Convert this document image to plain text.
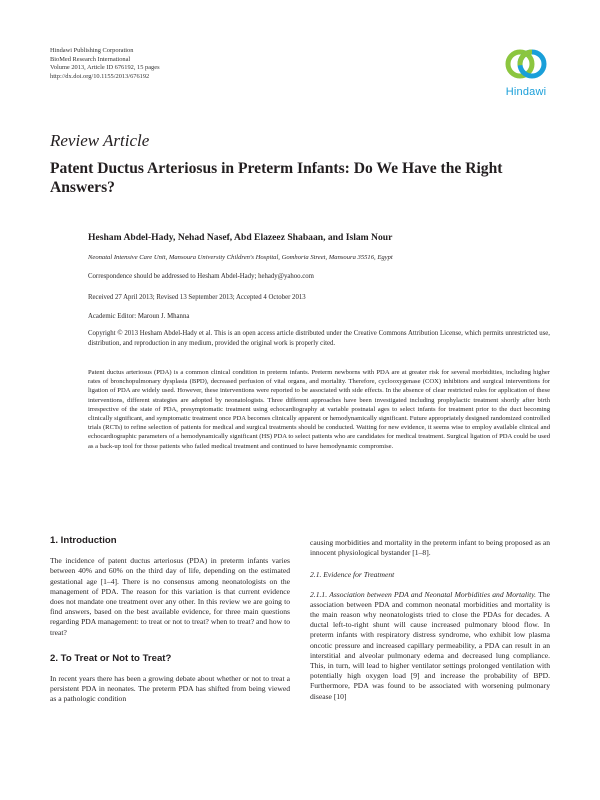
Hindawi Publishing Corporation
BioMed Research International
Volume 2013, Article ID 676192, 15 pages
http://dx.doi.org/10.1155/2013/676192
Hindawi
Review Article
Patent Ductus Arteriosus in Preterm Infants: Do We Have the Right Answers?
Hesham Abdel-Hady, Nehad Nasef, Abd Elazeez Shabaan, and Islam Nour
Neonatal Intensive Care Unit, Mansoura University Children's Hospital, Gomhoria Street, Mansoura 35516, Egypt
Correspondence should be addressed to Hesham Abdel-Hady; hehady@yahoo.com
Received 27 April 2013; Revised 13 September 2013; Accepted 4 October 2013
Academic Editor: Maroun J. Mhanna
Copyright © 2013 Hesham Abdel-Hady et al. This is an open access article distributed under the Creative Commons Attribution License, which permits unrestricted use, distribution, and reproduction in any medium, provided the original work is properly cited.
Patent ductus arteriosus (PDA) is a common clinical condition in preterm infants. Preterm newborns with PDA are at greater risk for several morbidities, including higher rates of bronchopulmonary dysplasia (BPD), decreased perfusion of vital organs, and mortality. Therefore, cyclooxygenase (COX) inhibitors and surgical interventions for ligation of PDA are widely used. However, these interventions were reported to be associated with side effects. In the absence of clear restricted rules for application of these interventions, different strategies are adopted by neonatologists. Three different approaches have been investigated including prophylactic treatment shortly after birth irrespective of the state of PDA, presymptomatic treatment using echocardiography at variable postnatal ages to select infants for treatment prior to the duct becoming clinically significant, and symptomatic treatment once PDA becomes clinically apparent or hemodynamically significant. Future appropriately designed randomized controlled trials (RCTs) to refine selection of patients for medical and surgical treatments should be conducted. Waiting for new evidence, it seems wise to employ available clinical and echocardiographic parameters of a hemodynamically significant (HS) PDA to select patients who are candidates for medical treatment. Surgical ligation of PDA could be used as a back-up tool for those patients who failed medical treatment and continued to have hemodynamic compromise.
1. Introduction
The incidence of patent ductus arteriosus (PDA) in preterm infants varies between 40% and 60% on the third day of life, depending on the estimated gestational age [1–4]. There is no consensus among neonatologists on the management of PDA. The reason for this variation is that current evidence does not mandate one treatment over any other. In this review we are going to find answers, based on the best available evidence, for three main questions regarding PDA management: to treat or not to treat? when to treat? and how to treat?
2. To Treat or Not to Treat?
In recent years there has been a growing debate about whether or not to treat a persistent PDA in neonates. The preterm PDA has shifted from being viewed as a pathologic condition
causing morbidities and mortality in the preterm infant to being proposed as an innocent physiological bystander [1–8].
2.1. Evidence for Treatment
2.1.1. Association between PDA and Neonatal Morbidities and Mortality. The association between PDA and common neonatal morbidities and mortality is the main reason why neonatologists tried to close the PDAs for decades. A ductal left-to-right shunt will cause increased pulmonary blood flow. In preterm infants with respiratory distress syndrome, who exhibit low plasma oncotic pressure and increased capillary permeability, a PDA can result in an interstitial and alveolar pulmonary edema and decreased lung compliance. This, in turn, will lead to higher ventilator settings prolonged ventilation with potentially high oxygen load [9] and increase the probability of BPD. Furthermore, PDA was found to be associated with worsening pulmonary disease [10]
